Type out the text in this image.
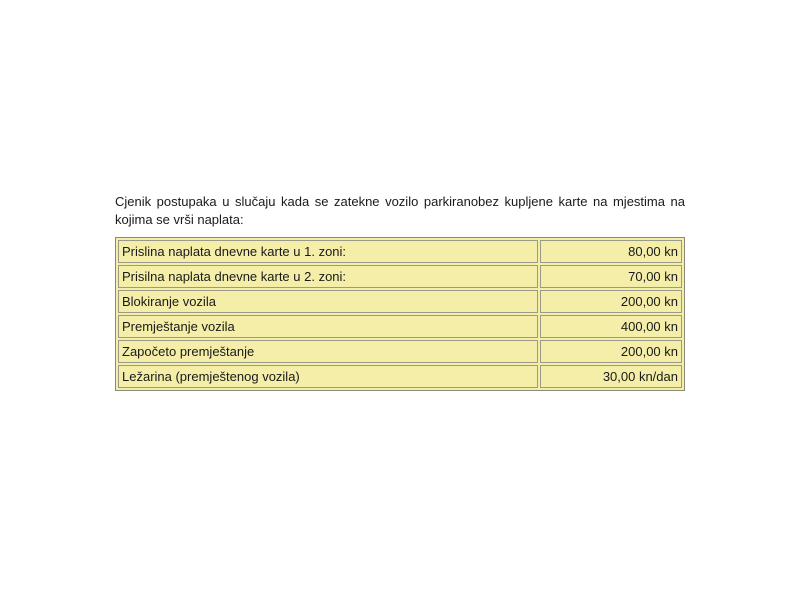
Cjenik postupaka u slučaju kada se zatekne vozilo parkiranobez kupljene karte na mjestima na kojima se vrši naplata:

Prislina naplata dnevne karte u 1. zoni:	80,00 kn
Prisilna naplata dnevne karte u 2. zoni:	70,00 kn
Blokiranje vozila	200,00 kn
Premještanje vozila	400,00 kn
Započeto premještanje	200,00 kn
Ležarina (premještenog vozila)	30,00 kn/dan
